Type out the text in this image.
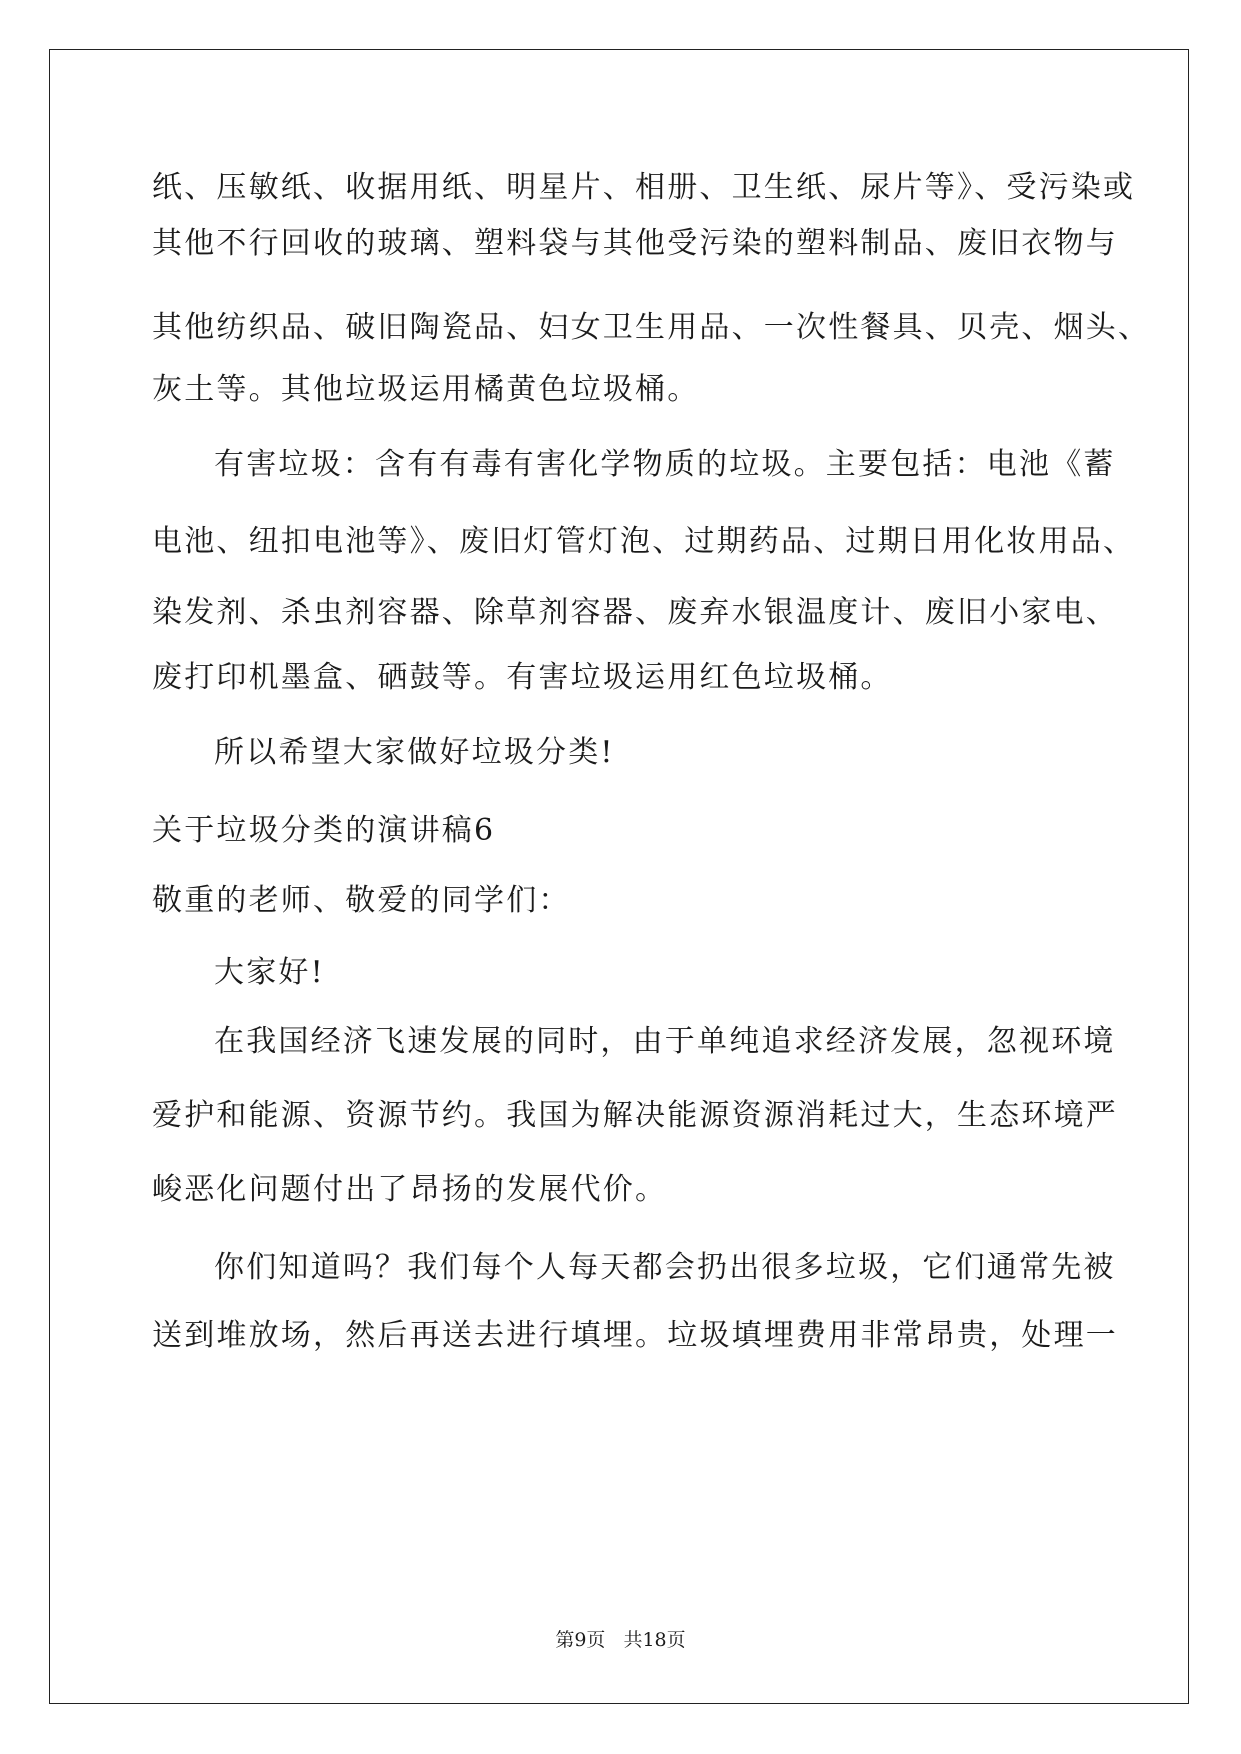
纸、压敏纸、收据用纸、明星片、相册、卫生纸、尿片等》、受污染或
其他不行回收的玻璃、塑料袋与其他受污染的塑料制品、废旧衣物与
其他纺织品、破旧陶瓷品、妇女卫生用品、一次性餐具、贝壳、烟头、
灰土等。其他垃圾运用橘黄色垃圾桶。
有害垃圾：含有有毒有害化学物质的垃圾。主要包括：电池《蓄
电池、纽扣电池等》、废旧灯管灯泡、过期药品、过期日用化妆用品、
染发剂、杀虫剂容器、除草剂容器、废弃水银温度计、废旧小家电、
废打印机墨盒、硒鼓等。有害垃圾运用红色垃圾桶。
所以希望大家做好垃圾分类!
关于垃圾分类的演讲稿6
敬重的老师、敬爱的同学们：
大家好!
在我国经济飞速发展的同时，由于单纯追求经济发展，忽视环境
爱护和能源、资源节约。我国为解决能源资源消耗过大，生态环境严
峻恶化问题付出了昂扬的发展代价。
你们知道吗？我们每个人每天都会扔出很多垃圾，它们通常先被
送到堆放场，然后再送去进行填埋。垃圾填埋费用非常昂贵，处理一
第9页 共18页
